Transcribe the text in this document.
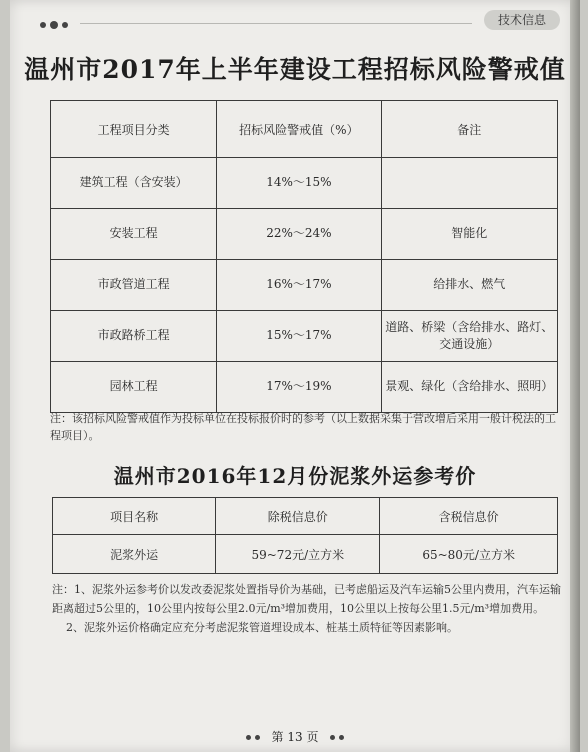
技术信息
温州市2017年上半年建设工程招标风险警戒值
工程项目分类	招标风险警戒值（%）	备注
建筑工程（含安装）	14%～15%	
安装工程	22%～24%	智能化
市政管道工程	16%～17%	给排水、燃气
市政路桥工程	15%～17%	道路、桥梁（含给排水、路灯、交通设施）
园林工程	17%～19%	景观、绿化（含给排水、照明）
注：该招标风险警戒值作为投标单位在投标报价时的参考（以上数据采集于营改增后采用一般计税法的工程项目）。
温州市2016年12月份泥浆外运参考价
项目名称	除税信息价	含税信息价
泥浆外运	59~72元/立方米	65~80元/立方米
注：1、泥浆外运参考价以发改委泥浆处置指导价为基础，已考虑船运及汽车运输5公里内费用，汽车运输距离超过5公里的，10公里内按每公里2.0元/m³增加费用，10公里以上按每公里1.5元/m³增加费用。
2、泥浆外运价格确定应充分考虑泥浆管道埋设成本、桩基土质特征等因素影响。
第 13 页
